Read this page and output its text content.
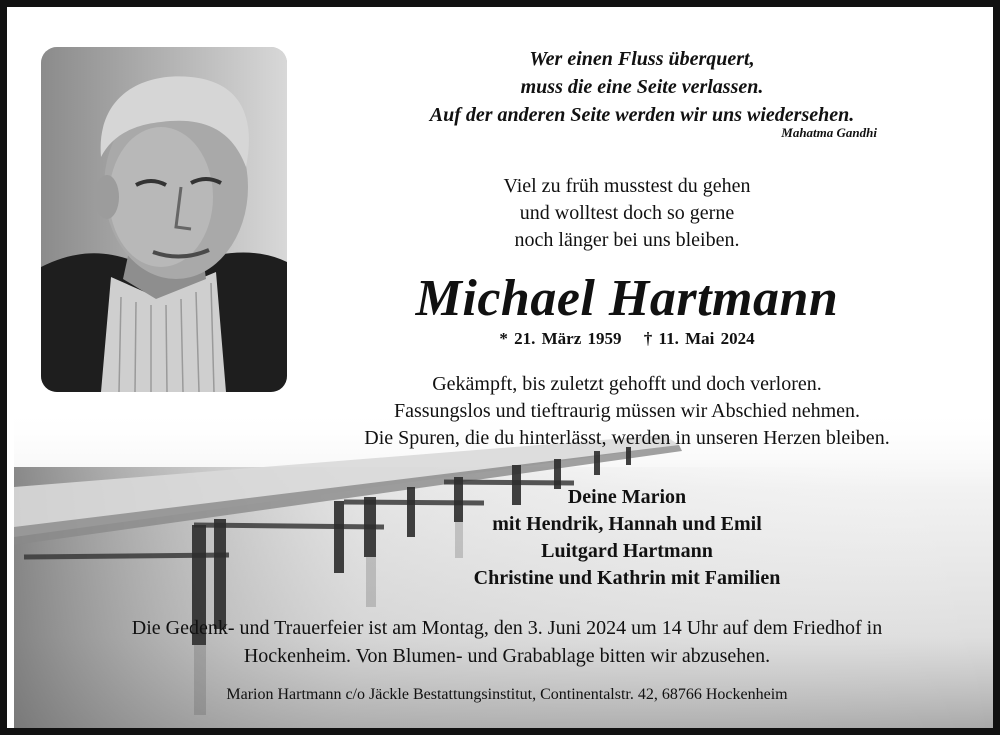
Wer einen Fluss überquert,
muss die eine Seite verlassen.
Auf der anderen Seite werden wir uns wiedersehen.
Mahatma Gandhi
Viel zu früh musstest du gehen
und wolltest doch so gerne
noch länger bei uns bleiben.
Michael Hartmann
* 21. März 1959 † 11. Mai 2024
Gekämpft, bis zuletzt gehofft und doch verloren.
Fassungslos und tieftraurig müssen wir Abschied nehmen.
Die Spuren, die du hinterlässt, werden in unseren Herzen bleiben.
Deine Marion
mit Hendrik, Hannah und Emil
Luitgard Hartmann
Christine und Kathrin mit Familien
Die Gedenk- und Trauerfeier ist am Montag, den 3. Juni 2024 um 14 Uhr auf dem Friedhof in
Hockenheim. Von Blumen- und Grabablage bitten wir abzusehen.
Marion Hartmann c/o Jäckle Bestattungsinstitut, Continentalstr. 42, 68766 Hockenheim
